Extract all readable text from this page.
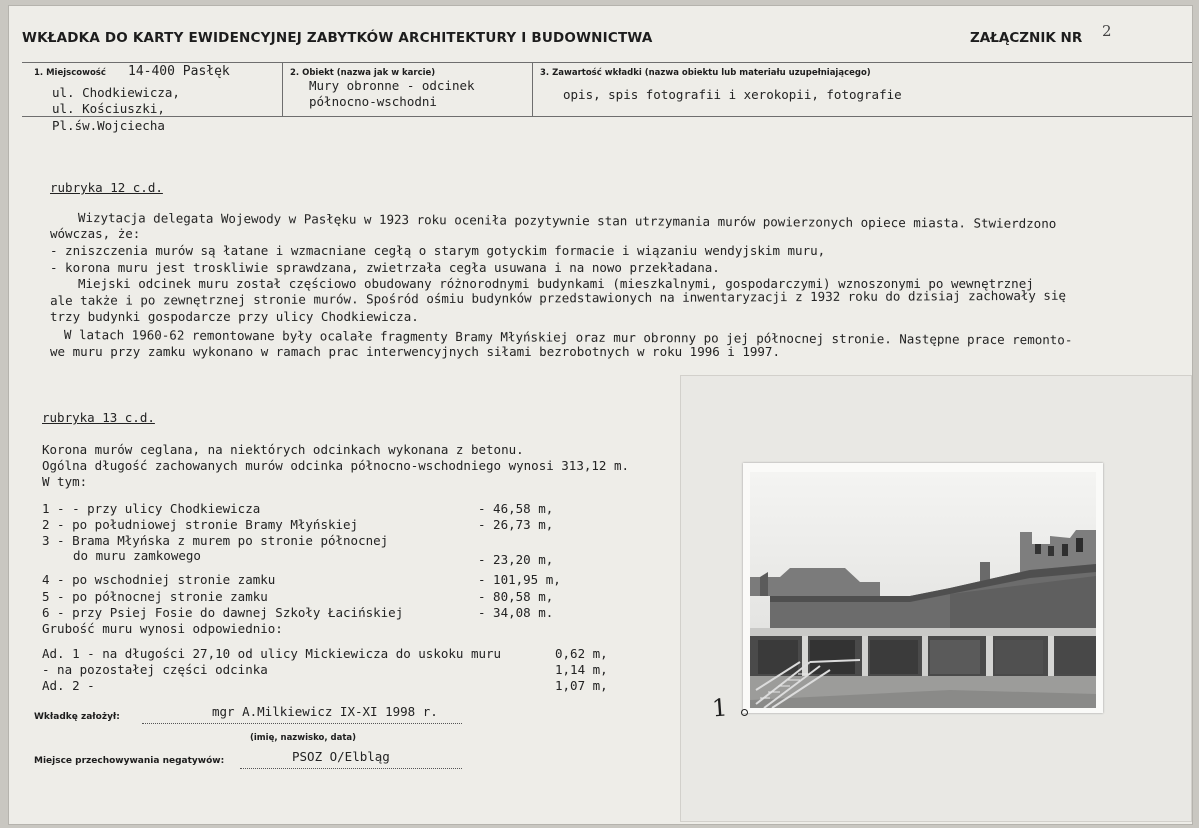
WKŁADKA DO KARTY EWIDENCYJNEJ ZABYTKÓW ARCHITEKTURY I BUDOWNICTWA	ZAŁĄCZNIK NR 2
1. Miejscowość 14-400 Pasłęk
ul. Chodkiewicza,
ul. Kościuszki,
Pl.św.Wojciecha
2. Obiekt (nazwa jak w karcie)
Mury obronne - odcinek
północno-wschodni
3. Zawartość wkładki (nazwa obiektu lub materiału uzupełniającego)
opis, spis fotografii i xerokopii, fotografie
rubryka 12 c.d.
Wizytacja delegata Wojewody w Pasłęku w 1923 roku oceniła pozytywnie stan utrzymania murów powierzonych opiece miasta. Stwierdzono
wówczas, że:
- zniszczenia murów są łatane i wzmacniane cegłą o starym gotyckim formacie i wiązaniu wendyjskim muru,
- korona muru jest troskliwie sprawdzana, zwietrzała cegła usuwana i na nowo przekładana.
Miejski odcinek muru został częściowo obudowany różnorodnymi budynkami (mieszkalnymi, gospodarczymi) wznoszonymi po wewnętrznej
ale także i po zewnętrznej stronie murów. Spośród ośmiu budynków przedstawionych na inwentaryzacji z 1932 roku do dzisiaj zachowały się
trzy budynki gospodarcze przy ulicy Chodkiewicza.
W latach 1960-62 remontowane były ocalałe fragmenty Bramy Młyńskiej oraz mur obronny po jej północnej stronie. Następne prace remonto-
we muru przy zamku wykonano w ramach prac interwencyjnych siłami bezrobotnych w roku 1996 i 1997.
rubryka 13 c.d.
Korona murów ceglana, na niektórych odcinkach wykonana z betonu.
Ogólna długość zachowanych murów odcinka północno-wschodniego wynosi 313,12 m.
W tym:
1 - - przy ulicy Chodkiewicza	- 46,58 m,
2 - po południowej stronie Bramy Młyńskiej	- 26,73 m,
3 - Brama Młyńska z murem po stronie północnej
do muru zamkowego	- 23,20 m,
4 - po wschodniej stronie zamku	- 101,95 m,
5 - po północnej stronie zamku	- 80,58 m,
6 - przy Psiej Fosie do dawnej Szkoły Łacińskiej	- 34,08 m.
Grubość muru wynosi odpowiednio:
Ad. 1 - na długości 27,10 od ulicy Mickiewicza do uskoku muru	0,62 m,
- na pozostałej części odcinka	1,14 m,
Ad. 2 -	1,07 m,
Wkładkę założył:	mgr A.Milkiewicz IX-XI 1998 r.
(imię, nazwisko, data)
Miejsce przechowywania negatywów:	PSOZ O/Elbląg
1
